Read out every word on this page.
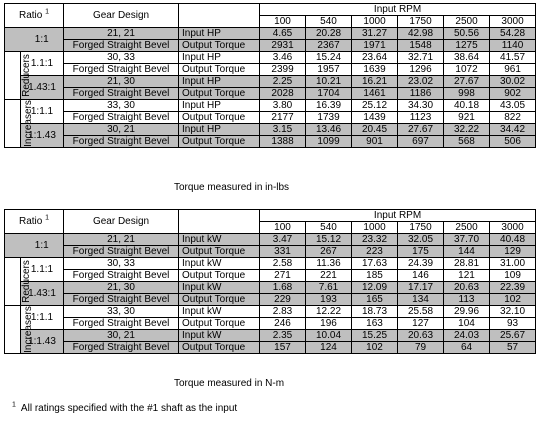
Ratio $^1$		Gear Design		Input RPM					
				100	540	1000	1750	2500	3000
	1:1	21, 21	Input HP	4.65	20.28	31.27	42.98	50.56	54.28
		Forged Straight Bevel	Output Torque	2931	2367	1971	1548	1275	1140
Reducers	1.1:1	30, 33	Input HP	3.46	15.24	23.64	32.71	38.64	41.57
		Forged Straight Bevel	Output Torque	2399	1957	1639	1296	1072	961
	1.43:1	21, 30	Input HP	2.25	10.21	16.21	23.02	27.67	30.02
		Forged Straight Bevel	Output Torque	2028	1704	1461	1186	998	902
Increasers	1:1.1	33, 30	Input HP	3.80	16.39	25.12	34.30	40.18	43.05
		Forged Straight Bevel	Output Torque	2177	1739	1439	1123	921	822
	1:1.43	30, 21	Input HP	3.15	13.46	20.45	27.67	32.22	34.42
		Forged Straight Bevel	Output Torque	1388	1099	901	697	568	506
Torque measured in in-lbs
Ratio $^1$		Gear Design		Input RPM					
				100	540	1000	1750	2500	3000
	1:1	21, 21	Input kW	3.47	15.12	23.32	32.05	37.70	40.48
		Forged Straight Bevel	Output Torque	331	267	223	175	144	129
Reducers	1.1:1	30, 33	Input kW	2.58	11.36	17.63	24.39	28.81	31.00
		Forged Straight Bevel	Output Torque	271	221	185	146	121	109
	1.43:1	21, 30	Input kW	1.68	7.61	12.09	17.17	20.63	22.39
		Forged Straight Bevel	Output Torque	229	193	165	134	113	102
Increasers	1:1.1	33, 30	Input kW	2.83	12.22	18.73	25.58	29.96	32.10
		Forged Straight Bevel	Output Torque	246	196	163	127	104	93
	1:1.43	30, 21	Input kW	2.35	10.04	15.25	20.63	24.03	25.67
		Forged Straight Bevel	Output Torque	157	124	102	79	64	57
Torque measured in N-m
$^1$ All ratings specified with the #1 shaft as the input
